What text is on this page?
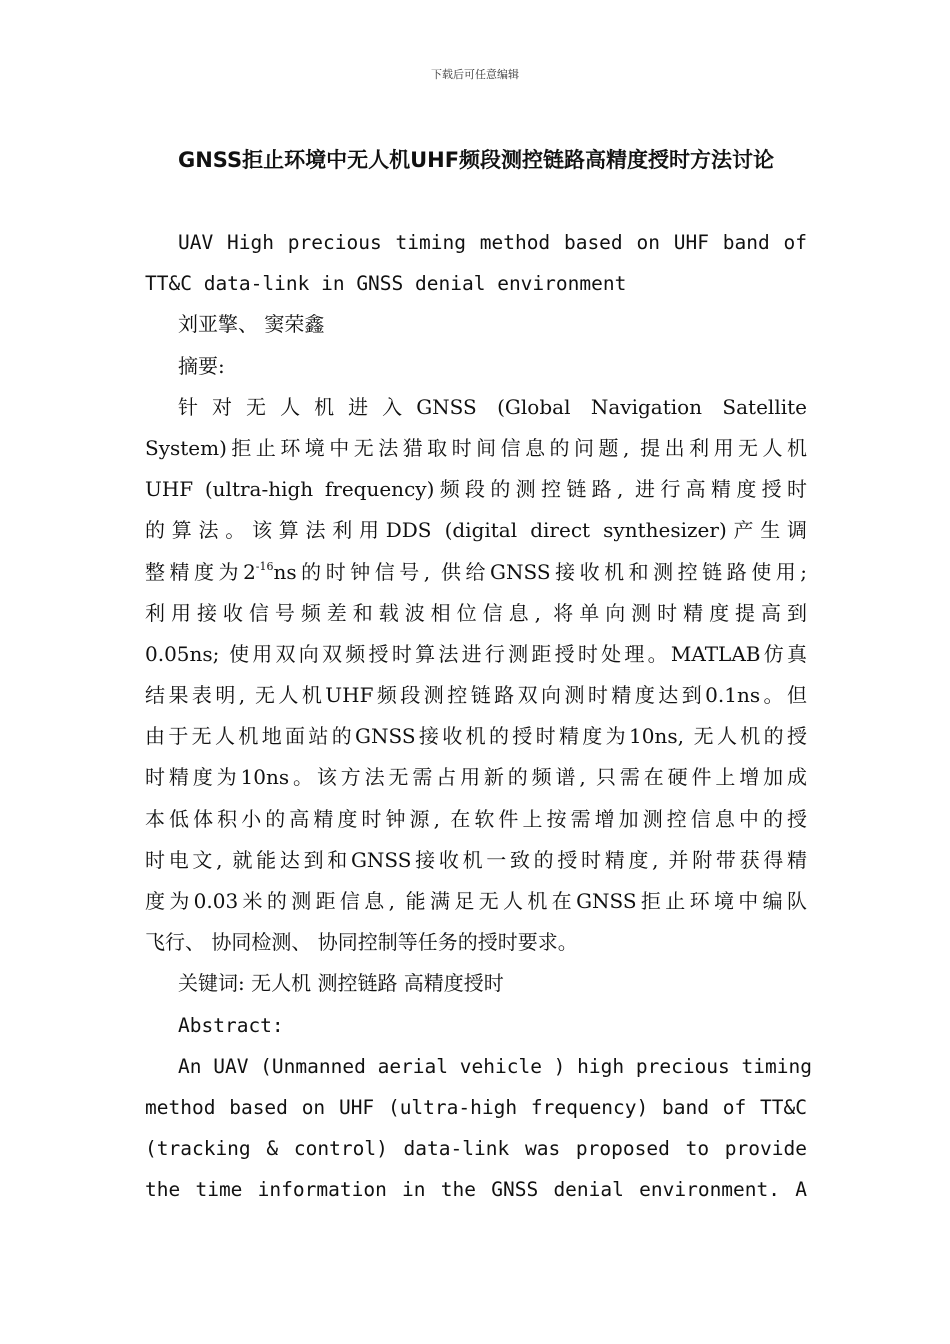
下载后可任意编辑
GNSS拒止环境中无人机UHF频段测控链路高精度授时方法讨论
UAV High precious timing method based on UHF band of
TT&C data-link in GNSS denial environment
刘亚擎、 窦荣鑫
摘要:
针对无人机进入GNSS (Global Navigation Satellite
System)拒止环境中无法猎取时间信息的问题, 提出利用无人机
UHF (ultra-high frequency)频段的测控链路, 进行高精度授时
的算法。该算法利用DDS (digital direct synthesizer)产生调
整精度为$2^{-16}ns$的时钟信号, 供给GNSS接收机和测控链路使用;
利用接收信号频差和载波相位信息, 将单向测时精度提高到
0.05ns; 使用双向双频授时算法进行测距授时处理。MATLAB仿真
结果表明, 无人机UHF频段测控链路双向测时精度达到0.1ns。但
由于无人机地面站的GNSS接收机的授时精度为10ns, 无人机的授
时精度为10ns。该方法无需占用新的频谱, 只需在硬件上增加成
本低体积小的高精度时钟源, 在软件上按需增加测控信息中的授
时电文, 就能达到和GNSS接收机一致的授时精度, 并附带获得精
度为0.03米的测距信息, 能满足无人机在GNSS拒止环境中编队
飞行、 协同检测、 协同控制等任务的授时要求。
关键词: 无人机 测控链路 高精度授时
Abstract:
An UAV (Unmanned aerial vehicle ) high precious timing
method based on UHF (ultra-high frequency) band of TT&C
(tracking & control) data-link was proposed to provide
the time information in the GNSS denial environment. A
